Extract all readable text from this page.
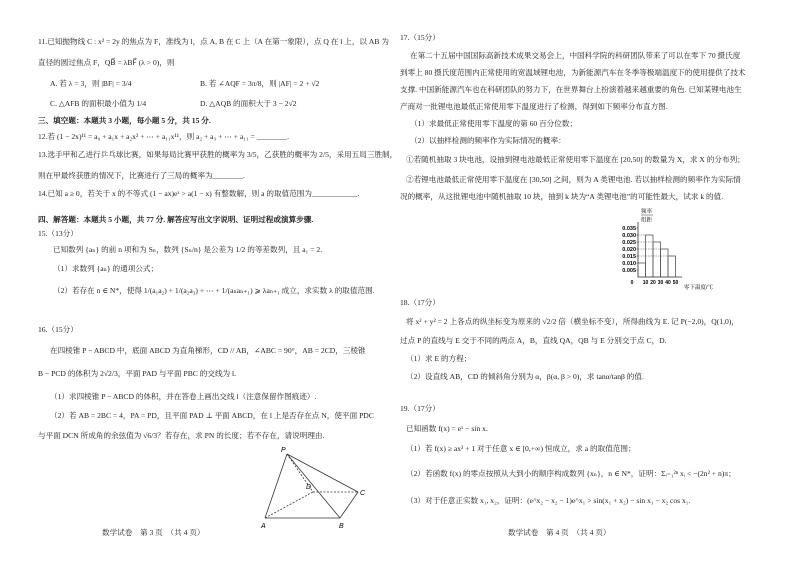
11.已知抛物线 C : x² = 2y 的焦点为 F，准线为 l，点 A, B 在 C 上（A 在第一象限），点 Q 在 l 上，以 AB 为
直径的圆过焦点 F，QB⃗ = λBF⃗ (λ > 0)，则
A. 若 λ = 3，则 |BF| = 3/4	B. 若 ∠AQF = 3π/8，则 |AF| = 2 + √2
C. △AFB 的面积最小值为 1/4	D. △AQB 的面积大于 3 − 2√2
三、填空题：本题共 3 小题，每小题 5 分，共 15 分.
12.若 (1 − 2x)¹¹ = a₀ + a₁x + a₂x² + ⋯ + a₁₁x¹¹，则 a₂ + a₃ + ⋯ + a₁₁ = ________.
13.选手甲和乙进行乒乓球比赛，如果每局比赛甲获胜的概率为 3/5，乙获胜的概率为 2/5，采用五局三胜制，
则在甲最终获胜的情况下，比赛进行了三局的概率为________.
14.已知 a ≥ 0，若关于 x 的不等式 (1 − ax)eˣ > a(1 − x) 有整数解，则 a 的取值范围为____________.
四、解答题：本题共 5 小题，共 77 分. 解答应写出文字说明、证明过程或演算步骤.
15.（13分）
已知数列 {aₙ} 的前 n 项和为 Sₙ，数列 {Sₙ/n} 是公差为 1/2 的等差数列，且 a₁ = 2.
（1）求数列 {aₙ} 的通项公式；
（2）若存在 n ∈ N*，使得 1/(a₁a₂) + 1/(a₂a₃) + ⋯ + 1/(aₙaₙ₊₁) ⩾ λaₙ₊₁ 成立，求实数 λ 的取值范围.
16.（15分）
在四棱锥 P − ABCD 中，底面 ABCD 为直角梯形，CD // AB，∠ABC = 90°，AB = 2CD，三棱锥
B − PCD 的体积为 2√2/3，平面 PAD 与平面 PBC 的交线为 l.
（1）求四棱锥 P − ABCD 的体积，并在答卷上画出交线 l（注意保留作图痕迹）.
（2）若 AB = 2BC = 4，PA = PD，且平面 PAD ⊥ 平面 ABCD，在 l 上是否存在点 N，使平面 PDC
与平面 DCN 所成角的余弦值为 √6/3？若存在，求 PN 的长度；若不存在，请说明理由.
P
A	B
C
D
数学试卷　第 3 页　（共 4 页）
17.（15分）
在第二十五届中国国际高新技术成果交易会上，中国科学院的科研团队带来了可以在零下 70 摄氏度
到零上 80 摄氏度范围内正常使用的宽温域锂电池，为新能源汽车在冬季等极端温度下的使用提供了技术
支撑. 中国新能源汽车也在科研团队的努力下，在世界舞台上扮演着越来越重要的角色. 已知某锂电池生
产商对一批锂电池最低正常使用零下温度进行了检测，得到如下频率分布直方图.
（1）求最低正常使用零下温度的第 60 百分位数；
（2）以抽样检测的频率作为实际情况的概率：
①若随机抽取 3 块电池，设抽到锂电池最低正常使用零下温度在 [20,50] 的数量为 X，求 X 的分布列；
②若锂电池最低正常使用零下温度在 [30,50] 之间，则为 A 类锂电池. 若以抽样检测的频率作为实际情
况的概率，从这批锂电池中随机抽取 10 块，抽到 k 块为“A 类锂电池”的可能性最大，试求 k 的值.
频率
组距
0.005
0.010
0.015
0.020
0.025
0.030
0.035
0 10 20 30 40 50
零下温度/℃
18.（17分）
将 x² + y² = 2 上各点的纵坐标变为原来的 √2/2 倍（横坐标不变），所得曲线为 E. 记 P(−2,0)，Q(1,0)，
过点 P 的直线与 E 交于不同的两点 A，B，直线 QA，QB 与 E 分别交于点 C，D.
（1）求 E 的方程；
（2）设直线 AB，CD 的倾斜角分别为 α，β(α, β > 0)，求 tanα/tanβ 的值.
19.（17分）
已知函数 f(x) = eˣ − sin x.
（1）若 f(x) ≥ ax² + 1 对于任意 x ∈ [0,+∞) 恒成立，求 a 的取值范围；
（2）若函数 f(x) 的零点按照从大到小的顺序构成数列 {xₙ}，n ∈ N*，证明：Σᵢ₌₁²ⁿ xᵢ < −(2n² + n)π；
（3）对于任意正实数 x₁, x₂，证明：(e^x₂ − x₂ − 1)e^x₁ > sin(x₁ + x₂) − sin x₁ − x₂ cos x₁.
数学试卷　第 4 页　（共 4 页）
